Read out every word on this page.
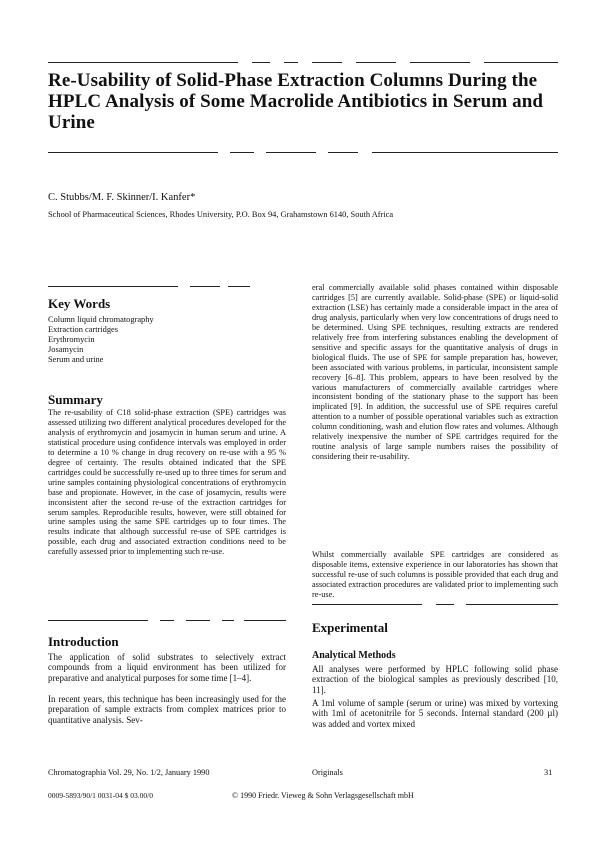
Re-Usability of Solid-Phase Extraction Columns During the HPLC Analysis of Some Macrolide Antibiotics in Serum and Urine
C. Stubbs/M. F. Skinner/I. Kanfer*
School of Pharmaceutical Sciences, Rhodes University, P.O. Box 94, Grahamstown 6140, South Africa
Key Words
Column liquid chromatography
Extraction cartridges
Erythromycin
Josamycin
Serum and urine
Summary
The re-usability of C18 solid-phase extraction (SPE) cartridges was assessed utilizing two different analytical procedures developed for the analysis of erythromycin and josamycin in human serum and urine. A statistical procedure using confidence intervals was employed in order to determine a 10 % change in drug recovery on re-use with a 95 % degree of certainty. The results obtained indicated that the SPE cartridges could be successfully re-used up to three times for serum and urine samples containing physiological concentrations of erythromycin base and propionate. However, in the case of josamycin, results were inconsistent after the second re-use of the extraction cartridges for serum samples. Reproducible results, however, were still obtained for urine samples using the same SPE cartridges up to four times. The results indicate that although successful re-use of SPE cartridges is possible, each drug and associated extraction conditions need to be carefully assessed prior to implementing such re-use.
Introduction
The application of solid substrates to selectively extract compounds from a liquid environment has been utilized for preparative and analytical purposes for some time [1–4].
In recent years, this technique has been increasingly used for the preparation of sample extracts from complex matrices prior to quantitative analysis. Sev-
eral commercially available solid phases contained within disposable cartridges [5] are currently available. Solid-phase (SPE) or liquid-solid extraction (LSE) has certainly made a considerable impact in the area of drug analysis, particularly when very low concentrations of drugs need to be determined. Using SPE techniques, resulting extracts are rendered relatively free from interfering substances enabling the development of sensitive and specific assays for the quantitative analysis of drugs in biological fluids. The use of SPE for sample preparation has, however, been associated with various problems, in particular, inconsistent sample recovery [6–8]. This problem, appears to have been resolved by the various manufacturers of commercially available cartridges where inconsistent bonding of the stationary phase to the support has been implicated [9]. In addition, the successful use of SPE requires careful attention to a number of possible operational variables such as extraction column conditioning, wash and elution flow rates and volumes. Although relatively inexpensive the number of SPE cartridges required for the routine analysis of large sample numbers raises the possibility of considering their re-usability.
Whilst commercially available SPE cartridges are considered as disposable items, extensive experience in our laboratories has shown that successful re-use of such columns is possible provided that each drug and associated extraction procedures are validated prior to implementing such re-use.
Experimental
Analytical Methods
All analyses were performed by HPLC following solid phase extraction of the biological samples as previously described [10, 11].
A 1ml volume of sample (serum or urine) was mixed by vortexing with 1ml of acetonitrile for 5 seconds. Internal standard (200 µl) was added and vortex mixed
Chromatographia Vol. 29, No. 1/2, January 1990	Originals	31
0009-5893/90/1 0031-04 $ 03.00/0	© 1990 Friedr. Vieweg & Sohn Verlagsgesellschaft mbH
